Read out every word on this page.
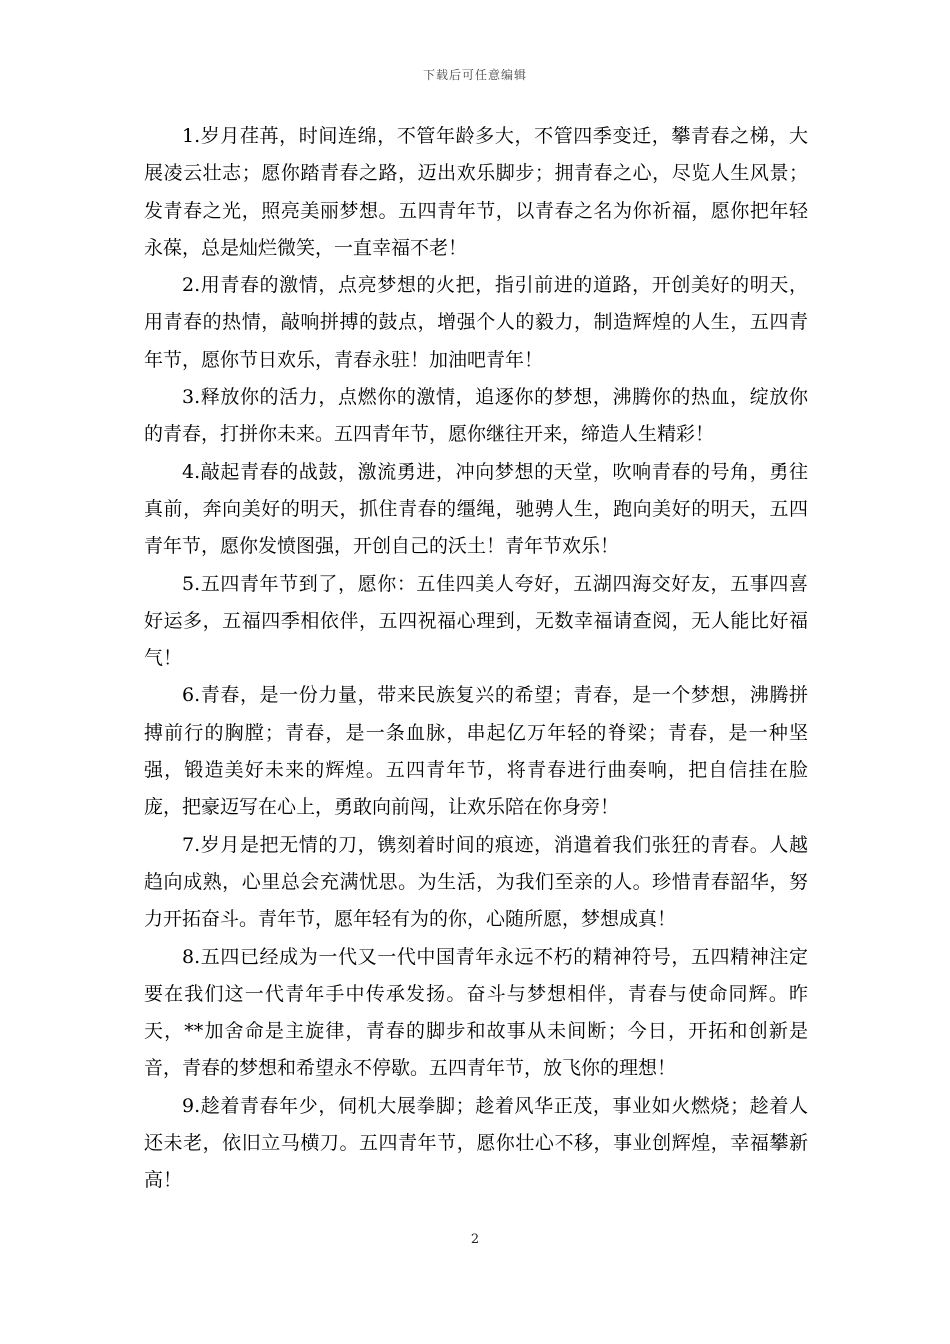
下载后可任意编辑

1.岁月荏苒，时间连绵，不管年龄多大，不管四季变迁，攀青春之梯，大展凌云壮志；愿你踏青春之路，迈出欢乐脚步；拥青春之心，尽览人生风景；发青春之光，照亮美丽梦想。五四青年节，以青春之名为你祈福，愿你把年轻永葆，总是灿烂微笑，一直幸福不老！

2.用青春的激情，点亮梦想的火把，指引前进的道路，开创美好的明天，用青春的热情，敲响拼搏的鼓点，增强个人的毅力，制造辉煌的人生，五四青年节，愿你节日欢乐，青春永驻！加油吧青年！

3.释放你的活力，点燃你的激情，追逐你的梦想，沸腾你的热血，绽放你的青春，打拼你未来。五四青年节，愿你继往开来，缔造人生精彩！

4.敲起青春的战鼓，激流勇进，冲向梦想的天堂，吹响青春的号角，勇往真前，奔向美好的明天，抓住青春的缰绳，驰骋人生，跑向美好的明天，五四青年节，愿你发愤图强，开创自己的沃土！青年节欢乐！

5.五四青年节到了，愿你：五佳四美人夸好，五湖四海交好友，五事四喜好运多，五福四季相依伴，五四祝福心理到，无数幸福请查阅，无人能比好福气！

6.青春，是一份力量，带来民族复兴的希望；青春，是一个梦想，沸腾拼搏前行的胸膛；青春，是一条血脉，串起亿万年轻的脊梁；青春，是一种坚强，锻造美好未来的辉煌。五四青年节，将青春进行曲奏响，把自信挂在脸庞，把豪迈写在心上，勇敢向前闯，让欢乐陪在你身旁！

7.岁月是把无情的刀，镌刻着时间的痕迹，消遣着我们张狂的青春。人越趋向成熟，心里总会充满忧思。为生活，为我们至亲的人。珍惜青春韶华，努力开拓奋斗。青年节，愿年轻有为的你，心随所愿，梦想成真！

8.五四已经成为一代又一代中国青年永远不朽的精神符号，五四精神注定要在我们这一代青年手中传承发扬。奋斗与梦想相伴，青春与使命同辉。昨天，**加舍命是主旋律，青春的脚步和故事从未间断；今日，开拓和创新是音，青春的梦想和希望永不停歇。五四青年节，放飞你的理想！

9.趁着青春年少，伺机大展拳脚；趁着风华正茂，事业如火燃烧；趁着人还未老，依旧立马横刀。五四青年节，愿你壮心不移，事业创辉煌，幸福攀新高！

2
